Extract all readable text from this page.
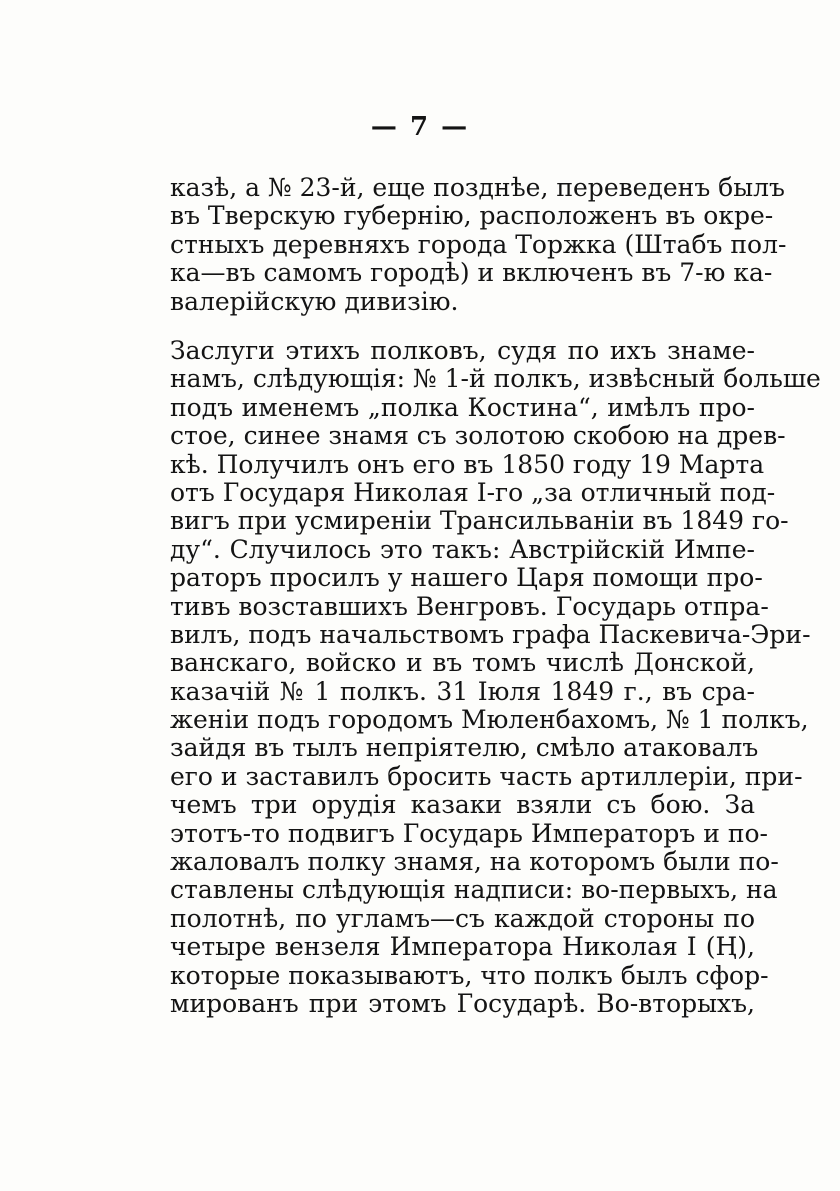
— 7 —
казѣ, а № 23-й, еще позднѣе, переведенъ былъ
въ Тверскую губернію, расположенъ въ окре-
стныхъ деревняхъ города Торжка (Штабъ пол-
ка—въ самомъ городѣ) и включенъ въ 7-ю ка-
валерійскую дивизію.
Заслуги этихъ полковъ, судя по ихъ знаме-
намъ, слѣдующія: № 1-й полкъ, извѣсный больше
подъ именемъ „полка Костина“, имѣлъ про-
стое, синее знамя съ золотою скобою на древ-
кѣ. Получилъ онъ его въ 1850 году 19 Марта
отъ Государя Николая І-го „за отличный под-
вигъ при усмиреніи Трансильваніи въ 1849 го-
ду“. Случилось это такъ: Австрійскій Импе-
раторъ просилъ у нашего Царя помощи про-
тивъ возставшихъ Венгровъ. Государь отпра-
вилъ, подъ начальствомъ графа Паскевича-Эри-
ванскаго, войско и въ томъ числѣ Донской,
казачій № 1 полкъ. 31 Іюля 1849 г., въ сра-
женіи подъ городомъ Мюленбахомъ, № 1 полкъ,
зайдя въ тылъ непріятелю, смѣло атаковалъ
его и заставилъ бросить часть артиллеріи, при-
чемъ три орудія казаки взяли съ бою. За
этотъ-то подвигъ Государь Императоръ и по-
жаловалъ полку знамя, на которомъ были по-
ставлены слѣдующія надписи: во-первыхъ, на
полотнѣ, по угламъ—съ каждой стороны по
четыре вензеля Императора Николая І (Ң),
которые показываютъ, что полкъ былъ сфор-
мированъ при этомъ Государѣ. Во-вторыхъ,
